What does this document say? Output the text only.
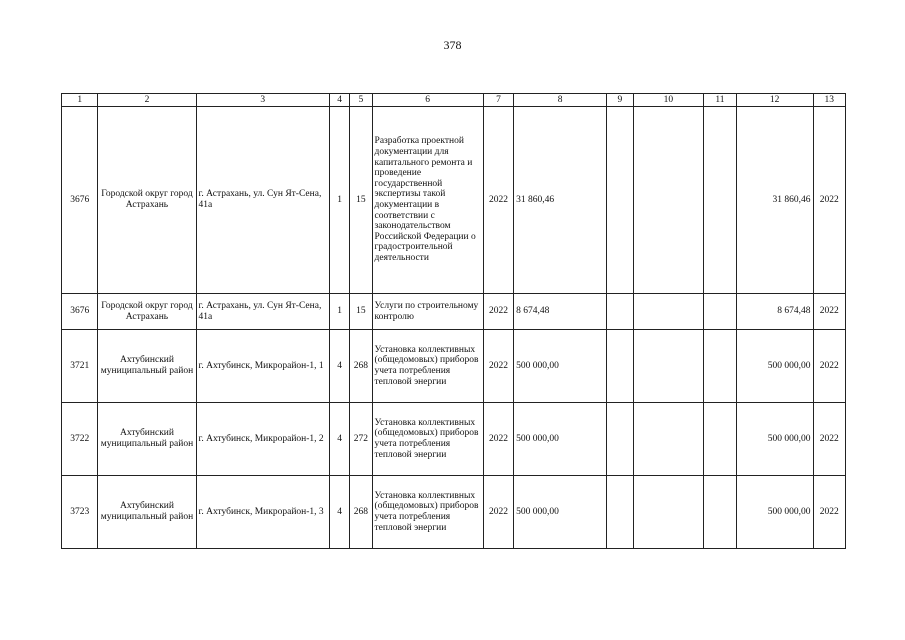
378
1	2	3	4	5	6	7	8	9	10	11	12	13
3676	Городской округ город Астрахань	г. Астрахань, ул. Сун Ят-Сена, 41а	1	15	Разработка проектной документации для капитального ремонта и проведение государственной экспертизы такой документации в соответствии с законодательством Российской Федерации о градостроительной деятельности	2022	31 860,46				31 860,46	2022
3676	Городской округ город Астрахань	г. Астрахань, ул. Сун Ят-Сена, 41а	1	15	Услуги по строительному контролю	2022	8 674,48				8 674,48	2022
3721	Ахтубинский муниципальный район	г. Ахтубинск, Микрорайон-1, 1	4	268	Установка коллективных (общедомовых) приборов учета потребления тепловой энергии	2022	500 000,00				500 000,00	2022
3722	Ахтубинский муниципальный район	г. Ахтубинск, Микрорайон-1, 2	4	272	Установка коллективных (общедомовых) приборов учета потребления тепловой энергии	2022	500 000,00				500 000,00	2022
3723	Ахтубинский муниципальный район	г. Ахтубинск, Микрорайон-1, 3	4	268	Установка коллективных (общедомовых) приборов учета потребления тепловой энергии	2022	500 000,00				500 000,00	2022
